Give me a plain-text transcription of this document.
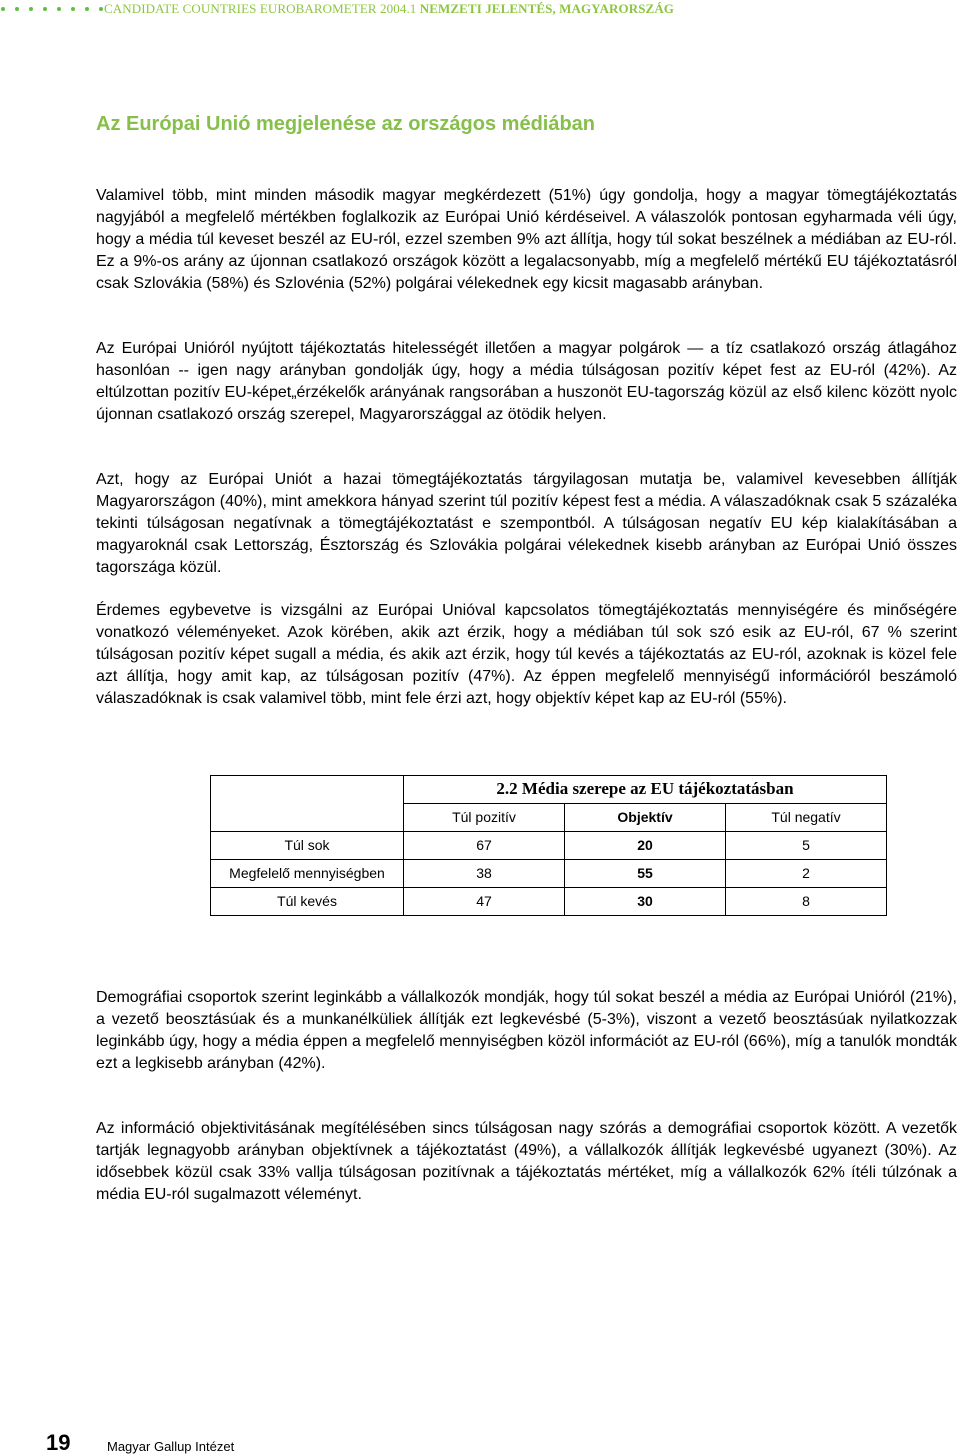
CANDIDATE COUNTRIES EUROBAROMETER 2004.1 NEMZETI JELENTÉS, MAGYARORSZÁG
Az Európai Unió megjelenése az országos médiában

Valamivel több, mint minden második magyar megkérdezett (51%) úgy gondolja, hogy a magyar tömegtájékoztatás nagyjából a megfelelő mértékben foglalkozik az Európai Unió kérdéseivel. A válaszolók pontosan egyharmada véli úgy, hogy a média túl keveset beszél az EU-ról, ezzel szemben 9% azt állítja, hogy túl sokat beszélnek a médiában az EU-ról. Ez a 9%-os arány az újonnan csatlakozó országok között a legalacsonyabb, míg a megfelelő mértékű EU tájékoztatásról csak Szlovákia (58%) és Szlovénia (52%) polgárai vélekednek egy kicsit magasabb arányban.

Az Európai Unióról nyújtott tájékoztatás hitelességét illetően a magyar polgárok — a tíz csatlakozó ország átlagához hasonlóan -- igen nagy arányban gondolják úgy, hogy a média túlságosan pozitív képet fest az EU-ról (42%). Az eltúlzottan pozitív EU-képet„érzékelők arányának rangsorában a huszonöt EU-tagország közül az első kilenc között nyolc újonnan csatlakozó ország szerepel, Magyarországgal az ötödik helyen.

Azt, hogy az Európai Uniót a hazai tömegtájékoztatás tárgyilagosan mutatja be, valamivel kevesebben állítják Magyarországon (40%), mint amekkora hányad szerint túl pozitív képest fest a média. A válaszadóknak csak 5 százaléka tekinti túlságosan negatívnak a tömegtájékoztatást e szempontból. A túlságosan negatív EU kép kialakításában a magyaroknál csak Lettország, Észtország és Szlovákia polgárai vélekednek kisebb arányban az Európai Unió összes tagországa közül.

Érdemes egybevetve is vizsgálni az Európai Unióval kapcsolatos tömegtájékoztatás mennyiségére és minőségére vonatkozó véleményeket. Azok körében, akik azt érzik, hogy a médiában túl sok szó esik az EU-ról, 67 % szerint túlságosan pozitív képet sugall a média, és akik azt érzik, hogy túl kevés a tájékoztatás az EU-ról, azoknak is közel fele azt állítja, hogy amit kap, az túlságosan pozitív (47%). Az éppen megfelelő mennyiségű információról beszámoló válaszadóknak is csak valamivel több, mint fele érzi azt, hogy objektív képet kap az EU-ról (55%).

	2.2 Média szerepe az EU tájékoztatásban		
	Túl pozitív	Objektív	Túl negatív
Túl sok	67	20	5
Megfelelő mennyiségben	38	55	2
Túl kevés	47	30	8

Demográfiai csoportok szerint leginkább a vállalkozók mondják, hogy túl sokat beszél a média az Európai Unióról (21%), a vezető beosztásúak és a munkanélküliek állítják ezt legkevésbé (5-3%), viszont a vezető beosztásúak nyilatkozzak leginkább úgy, hogy a média éppen a megfelelő mennyiségben közöl információt az EU-ról (66%), míg a tanulók mondták ezt a legkisebb arányban (42%).

Az információ objektivitásának megítélésében sincs túlságosan nagy szórás a demográfiai csoportok között. A vezetők tartják legnagyobb arányban objektívnek a tájékoztatást (49%), a vállalkozók állítják legkevésbé ugyanezt (30%). Az idősebbek közül csak 33% vallja túlságosan pozitívnak a tájékoztatás mértéket, míg a vállalkozók 62% ítéli túlzónak a média EU-ról sugalmazott véleményt.

19	Magyar Gallup Intézet
